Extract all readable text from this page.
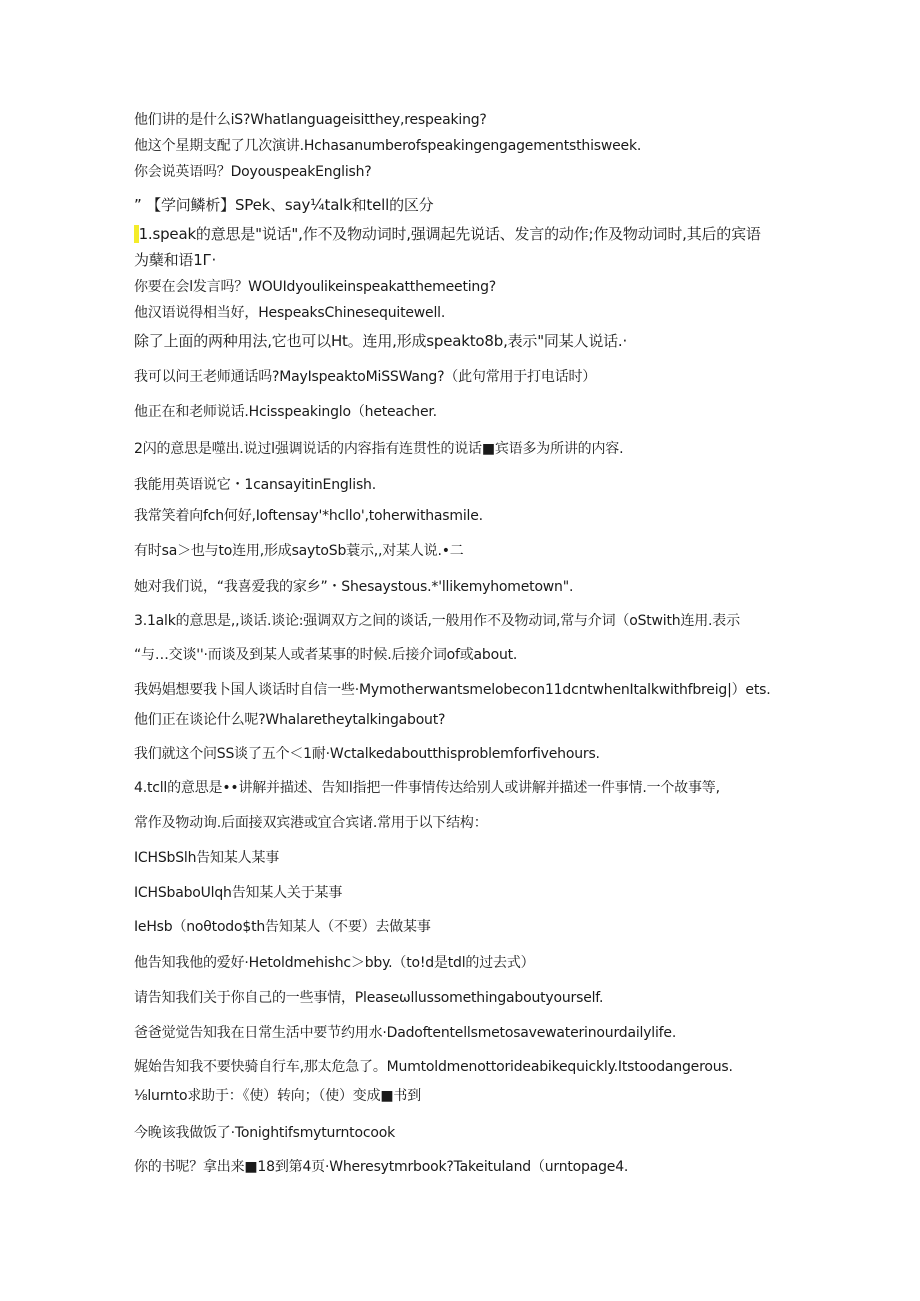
他们讲的是什么iS?Whatlanguageisitthey,respeaking?
他这个星期支配了几次演讲.Hchasanumberofspeakingengagementsthisweek.
你会说英语吗？DoyouspeakEnglish?
” 【学问鳞析】SPek、say¼talk和tell的区分
1.speak的意思是"说话",作不及物动词时,强调起先说话、发言的动作;作及物动词时,其后的宾语
为蘖和语1Г·
你要在会l发言吗？WOUIdyoulikeinspeakatthemeeting?
他汉语说得相当好，HespeaksChinesequitewell.
除了上面的两种用法,它也可以Ht。连用,形成speakto8b,表示"同某人说话.·
我可以问王老师通话吗?MayIspeaktoMiSSWang?（此句常用于打电话时）
他正在和老师说话.Hcisspeakinglo（heteacher.
2闪的意思是噬出.说过l强调说话的内容指有连贯性的说话■宾语多为所讲的内容.
我能用英语说它・1cansayitinEnglish.
我常笑着向fch何好,Ioftensay'*hcllo',toherwithasmile.
有时sa＞也与to连用,形成saytoSb蓑示,,对某人说.•二
她对我们说，“我喜爱我的家乡”・Shesaystous.*'llikemyhometown".
3.1alk的意思是,,谈话.谈论:强调双方之间的谈话,一般用作不及物动词,常与介词（oStwith连用.表示
“与…交谈''·而谈及到某人或者某事的时候.后接介词of或about.
我妈娼想要我卜国人谈话时自信一些·Mymotherwantsmelobecon11dcntwhenItalkwithfbreig|）ets.
他们正在谈论什么呢?Whalaretheytalkingabout?
我们就这个问SS谈了五个＜1耐·Wctalkedaboutthisproblemforfivehours.
4.tcll的意思是••讲解并描述、告知l指把一件事情传达给别人或讲解并描述一件事情.一个故事等,
常作及物动询.后面接双宾港或宜合宾诸.常用于以下结构：
ICHSbSlh告知某人某事
ICHSbaboUlqh告知某人关于某事
IeHsb（noθtodo$th告知某人（不要）去做某事
他告知我他的爱好·Hetoldmehishc＞bby.（to!d是tdl的过去式）
请告知我们关于你自己的一些事情，Pleaseωllussomethingaboutyourself.
爸爸觉觉告知我在日常生活中要节约用水·Dadoftentellsmetosavewaterinourdailylife.
娓始告知我不要快骑自行车,那太危急了。Mumtoldmenottorideabikequickly.Itstoodangerous.
⅛lurnto求助于：《使）转向；（使）变成■书到
今晚该我做饭了·Tonightifsmyturntocook
你的书呢？拿出来■18到第4页·Wheresytmrbook?Takeituland（urntopage4.
